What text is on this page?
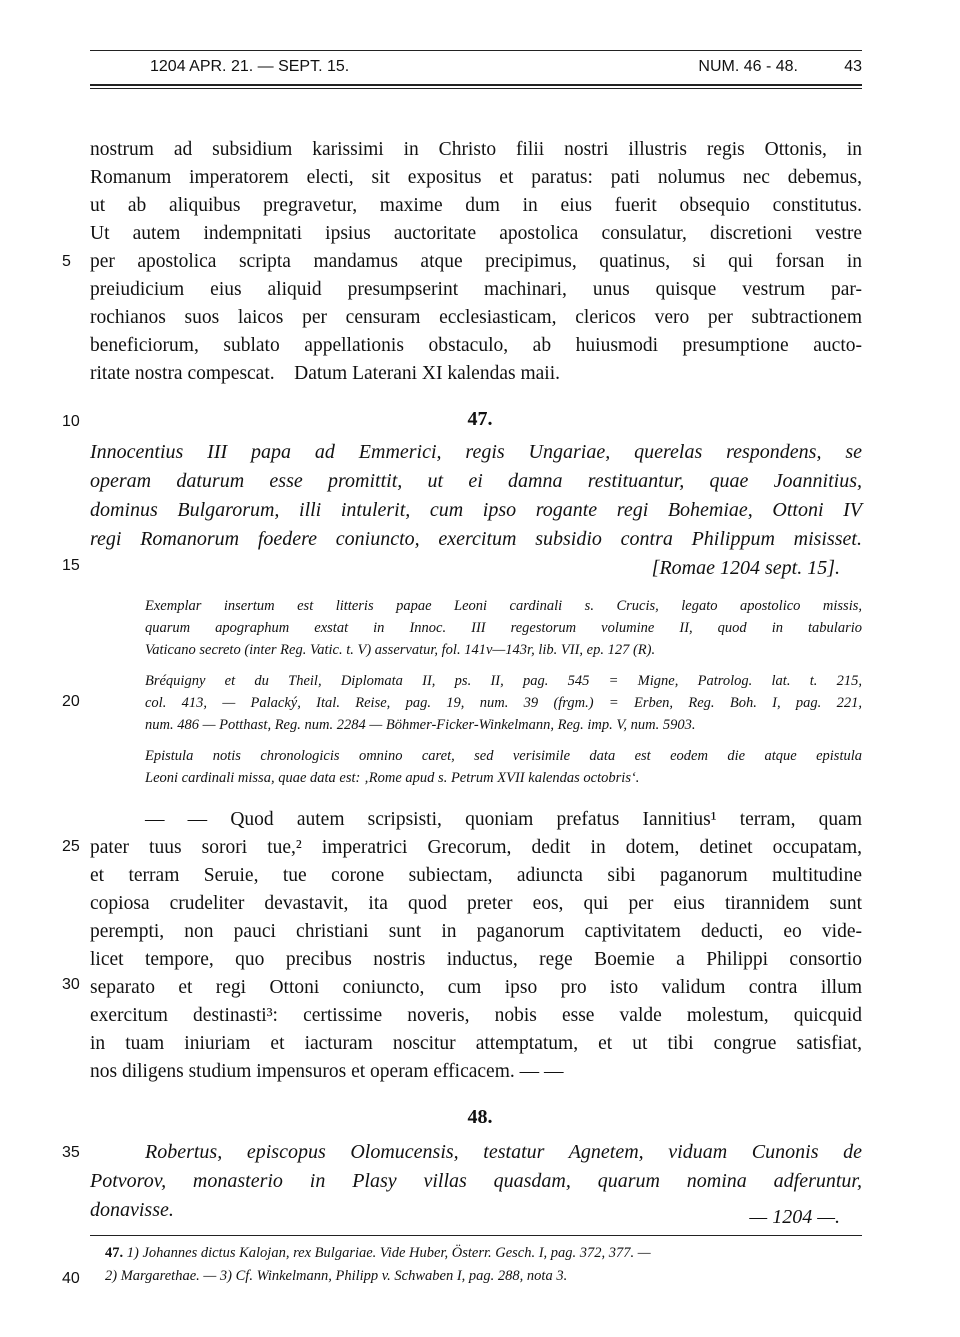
1204 APR. 21. — SEPT. 15.	NUM. 46 - 48.	43
nostrum ad subsidium karissimi in Christo filii nostri illustris regis Ottonis, in
Romanum imperatorem electi, sit expositus et paratus: pati nolumus nec debemus,
ut ab aliquibus pregravetur, maxime dum in eius fuerit obsequio constitutus.
Ut autem indempnitati ipsius auctoritate apostolica consulatur, discretioni vestre
per apostolica scripta mandamus atque precipimus, quatinus, si qui forsan in
preiudicium eius aliquid presumpserint machinari, unus quisque vestrum par-
rochianos suos laicos per censuram ecclesiasticam, clericos vero per subtractionem
beneficiorum, sublato appellationis obstaculo, ab huiusmodi presumptione aucto-
ritate nostra compescat.    Datum Laterani XI kalendas maii.
5
10
15
20
25
30
35
40
47.
Innocentius III papa ad Emmerici, regis Ungariae, querelas respondens, se
operam daturum esse promittit, ut ei damna restituantur, quae Joannitius,
dominus Bulgarorum, illi intulerit, cum ipso rogante regi Bohemiae, Ottoni IV
regi Romanorum foedere coniuncto, exercitum subsidio contra Philippum misisset.
[Romae 1204 sept. 15].
Exemplar insertum est litteris papae Leoni cardinali s. Crucis, legato apostolico missis,
quarum apographum exstat in Innoc. III regestorum volumine II, quod in tabulario
Vaticano secreto (inter Reg. Vatic. t. V) asservatur, fol. 141v—143r, lib. VII, ep. 127 (R).
Bréquigny et du Theil, Diplomata II, ps. II, pag. 545 = Migne, Patrolog. lat. t. 215,
col. 413, — Palacký, Ital. Reise, pag. 19, num. 39 (frgm.) = Erben, Reg. Boh. I, pag. 221,
num. 486 — Potthast, Reg. num. 2284 — Böhmer-Ficker-Winkelmann, Reg. imp. V, num. 5903.
Epistula notis chronologicis omnino caret, sed verisimile data est eodem die atque epistula
Leoni cardinali missa, quae data est: ‚Rome apud s. Petrum XVII kalendas octobris‘.
— — Quod autem scripsisti, quoniam prefatus Iannitius¹ terram, quam
pater tuus sorori tue,² imperatrici Grecorum, dedit in dotem, detinet occupatam,
et terram Seruie, tue corone subiectam, adiuncta sibi paganorum multitudine
copiosa crudeliter devastavit, ita quod preter eos, qui per eius tirannidem sunt
perempti, non pauci christiani sunt in paganorum captivitatem deducti, eo vide-
licet tempore, quo precibus nostris inductus, rege Boemie a Philippi consortio
separato et regi Ottoni coniuncto, cum ipso pro isto validum contra illum
exercitum destinasti³: certissime noveris, nobis esse valde molestum, quicquid
in tuam iniuriam et iacturam noscitur attemptatum, et ut tibi congrue satisfiat,
nos diligens studium impensuros et operam efficacem. — —
48.
Robertus, episcopus Olomucensis, testatur Agnetem, viduam Cunonis de
Potvorov, monasterio in Plasy villas quasdam, quarum nomina adferuntur,
donavisse.	— 1204 —.
47. 1) Johannes dictus Kalojan, rex Bulgariae. Vide Huber, Österr. Gesch. I, pag. 372, 377. —
2) Margarethae. — 3) Cf. Winkelmann, Philipp v. Schwaben I, pag. 288, nota 3.
